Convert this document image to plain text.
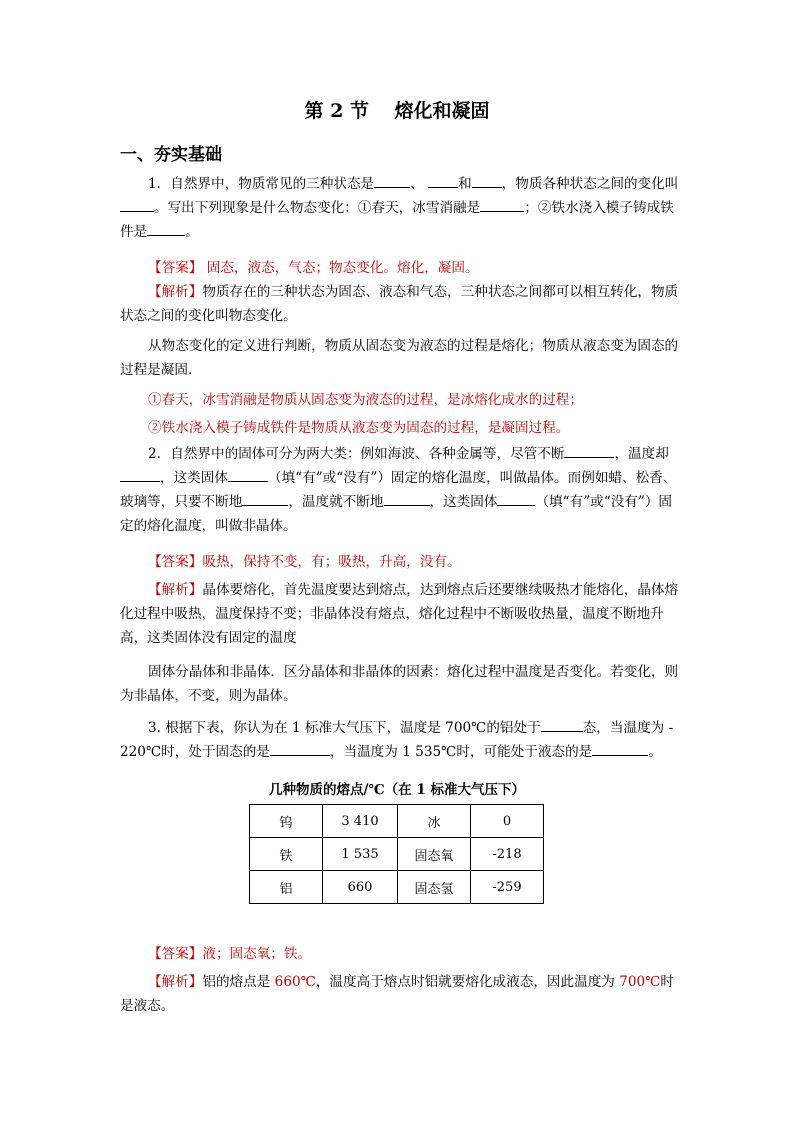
第 2 节　 熔化和凝固
一、夯实基础
1．自然界中，物质常见的三种状态是	、	和 ，物质各种状态之间的变化叫。写出下列现象是什么物态变化：①春天，冰雪消融是	；②铁水浇入模子铸成铁件是	。
【答案】 固态，液态，气态；物态变化。熔化，凝固。
【解析】物质存在的三种状态为固态、液态和气态，三种状态之间都可以相互转化，物质状态之间的变化叫物态变化。
从物态变化的定义进行判断，物质从固态变为液态的过程是熔化；物质从液态变为固态的过程是凝固.
①春天，冰雪消融是物质从固态变为液态的过程，是冰熔化成水的过程；
②铁水浇入模子铸成铁件是物质从液态变为固态的过程，是凝固过程。
2．自然界中的固体可分为两大类：例如海波、各种金属等，尽管不断	，温度却，这类固体	（填“有”或“没有”）固定的熔化温度，叫做晶体。而例如蜡、松香、玻璃等，只要不断地	，温度就不断地	，这类固体	（填“有”或“没有”）固定的熔化温度，叫做非晶体。
【答案】吸热，保持不变，有；吸热，升高，没有。
【解析】晶体要熔化，首先温度要达到熔点，达到熔点后还要继续吸热才能熔化，晶体熔化过程中吸热，温度保持不变；非晶体没有熔点，熔化过程中不断吸收热量，温度不断地升高，这类固体没有固定的温度
固体分晶体和非晶体．区分晶体和非晶体的因素：熔化过程中温度是否变化。若变化，则为非晶体，不变，则为晶体。
3. 根据下表，你认为在 1 标准大气压下，温度是 700℃的铝处于	态，当温度为 - 220℃时，处于固态的是	，当温度为 1 535℃时，可能处于液态的是	。
几种物质的熔点/℃（在 1 标准大气压下）
钨	3 410	冰	0
铁	1 535	固态氧	-218
铝	660	固态氢	-259
【答案】液；固态氧；铁。
【解析】铝的熔点是 660℃，温度高于熔点时铝就要熔化成液态，因此温度为 700℃时是液态。
